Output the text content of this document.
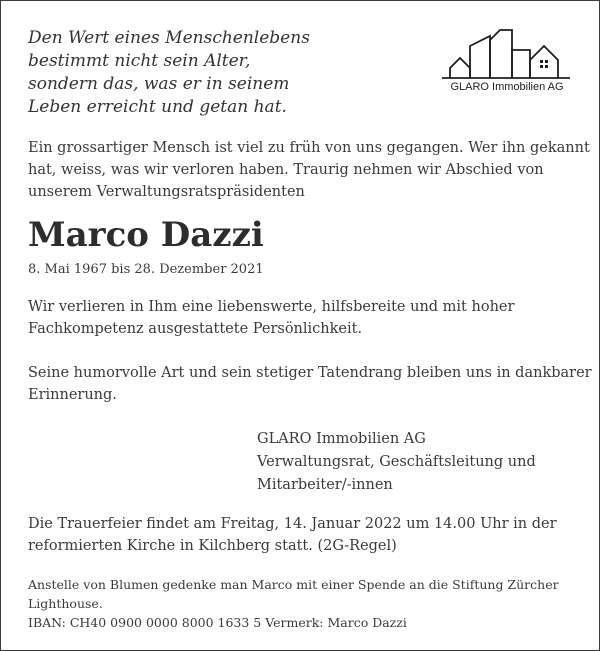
Den Wert eines Menschenlebens
bestimmt nicht sein Alter,
sondern das, was er in seinem
Leben erreicht und getan hat.
GLARO Immobilien AG
Ein grossartiger Mensch ist viel zu früh von uns gegangen. Wer ihn gekannt
hat, weiss, was wir verloren haben. Traurig nehmen wir Abschied von
unserem Verwaltungsratspräsidenten
Marco Dazzi
8. Mai 1967 bis 28. Dezember 2021
Wir verlieren in Ihm eine liebenswerte, hilfsbereite und mit hoher
Fachkompetenz ausgestattete Persönlichkeit.
Seine humorvolle Art und sein stetiger Tatendrang bleiben uns in dankbarer
Erinnerung.
GLARO Immobilien AG
Verwaltungsrat, Geschäftsleitung und
Mitarbeiter/-innen
Die Trauerfeier findet am Freitag, 14. Januar 2022 um 14.00 Uhr in der
reformierten Kirche in Kilchberg statt. (2G-Regel)
Anstelle von Blumen gedenke man Marco mit einer Spende an die Stiftung Zürcher
Lighthouse.
IBAN: CH40 0900 0000 8000 1633 5 Vermerk: Marco Dazzi
